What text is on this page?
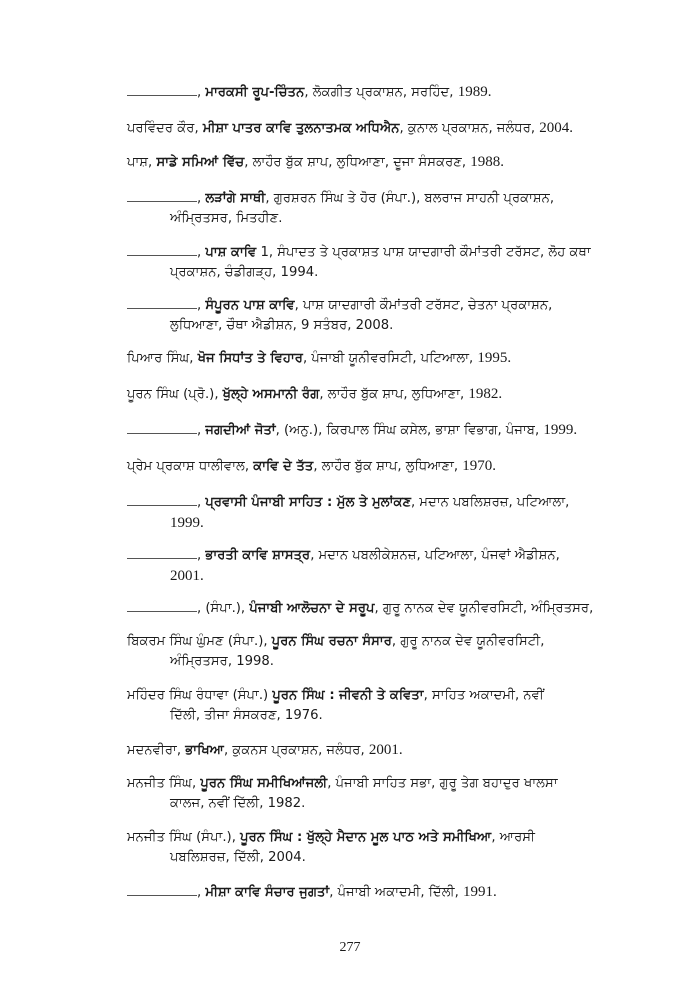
, ਮਾਰਕਸੀ ਰੂਪ-ਚਿੰਤਨ, ਲੋਕਗੀਤ ਪ੍ਰਕਾਸ਼ਨ, ਸਰਹਿੰਦ, 1989.
ਪਰਵਿੰਦਰ ਕੌਰ, ਮੀਸ਼ਾ ਪਾਤਰ ਕਾਵਿ ਤੁਲਨਾਤਮਕ ਅਧਿਐਨ, ਕੁਨਾਲ ਪ੍ਰਕਾਸ਼ਨ, ਜਲੰਧਰ, 2004.
ਪਾਸ਼, ਸਾਡੇ ਸਮਿਆਂ ਵਿੱਚ, ਲਾਹੌਰ ਬੁੱਕ ਸ਼ਾਪ, ਲੁਧਿਆਣਾ, ਦੂਜਾ ਸੰਸਕਰਣ, 1988.
, ਲੜਾਂਗੇ ਸਾਥੀ, ਗੁਰਸ਼ਰਨ ਸਿੰਘ ਤੇ ਹੋਰ (ਸੰਪਾ.), ਬਲਰਾਜ ਸਾਹਨੀ ਪ੍ਰਕਾਸ਼ਨ,
ਅੰਮ੍ਰਿਤਸਰ, ਮਿਤਹੀਣ.
, ਪਾਸ਼ ਕਾਵਿ 1, ਸੰਪਾਦਤ ਤੇ ਪ੍ਰਕਾਸ਼ਤ ਪਾਸ਼ ਯਾਦਗਾਰੀ ਕੌਮਾਂਤਰੀ ਟਰੱਸਟ, ਲੋਹ ਕਥਾ
ਪ੍ਰਕਾਸ਼ਨ, ਚੰਡੀਗੜ੍ਹ, 1994.
, ਸੰਪੂਰਨ ਪਾਸ਼ ਕਾਵਿ, ਪਾਸ਼ ਯਾਦਗਾਰੀ ਕੌਮਾਂਤਰੀ ਟਰੱਸਟ, ਚੇਤਨਾ ਪ੍ਰਕਾਸ਼ਨ,
ਲੁਧਿਆਣਾ, ਚੌਥਾ ਐਡੀਸ਼ਨ, 9 ਸਤੰਬਰ, 2008.
ਪਿਆਰ ਸਿੰਘ, ਖੋਜ ਸਿਧਾਂਤ ਤੇ ਵਿਹਾਰ, ਪੰਜਾਬੀ ਯੂਨੀਵਰਸਿਟੀ, ਪਟਿਆਲਾ, 1995.
ਪੂਰਨ ਸਿੰਘ (ਪ੍ਰੋ.), ਖੁੱਲ੍ਹੇ ਅਸਮਾਨੀ ਰੰਗ, ਲਾਹੌਰ ਬੁੱਕ ਸ਼ਾਪ, ਲੁਧਿਆਣਾ, 1982.
, ਜਗਦੀਆਂ ਜੋਤਾਂ, (ਅਨੁ.), ਕਿਰਪਾਲ ਸਿੰਘ ਕਸੇਲ, ਭਾਸ਼ਾ ਵਿਭਾਗ, ਪੰਜਾਬ, 1999.
ਪ੍ਰੇਮ ਪ੍ਰਕਾਸ਼ ਧਾਲੀਵਾਲ, ਕਾਵਿ ਦੇ ਤੱਤ, ਲਾਹੌਰ ਬੁੱਕ ਸ਼ਾਪ, ਲੁਧਿਆਣਾ, 1970.
, ਪ੍ਰਵਾਸੀ ਪੰਜਾਬੀ ਸਾਹਿਤ : ਮੁੱਲ ਤੇ ਮੁਲਾਂਕਣ, ਮਦਾਨ ਪਬਲਿਸ਼ਰਜ਼, ਪਟਿਆਲਾ,
1999.
, ਭਾਰਤੀ ਕਾਵਿ ਸ਼ਾਸਤ੍ਰ, ਮਦਾਨ ਪਬਲੀਕੇਸ਼ਨਜ਼, ਪਟਿਆਲਾ, ਪੰਜਵਾਂ ਐਡੀਸ਼ਨ,
2001.
, (ਸੰਪਾ.), ਪੰਜਾਬੀ ਆਲੋਚਨਾ ਦੇ ਸਰੂਪ, ਗੁਰੂ ਨਾਨਕ ਦੇਵ ਯੂਨੀਵਰਸਿਟੀ, ਅੰਮ੍ਰਿਤਸਰ,
ਬਿਕਰਮ ਸਿੰਘ ਘੁੰਮਣ (ਸੰਪਾ.), ਪੂਰਨ ਸਿੰਘ ਰਚਨਾ ਸੰਸਾਰ, ਗੁਰੂ ਨਾਨਕ ਦੇਵ ਯੂਨੀਵਰਸਿਟੀ,
ਅੰਮ੍ਰਿਤਸਰ, 1998.
ਮਹਿੰਦਰ ਸਿੰਘ ਰੰਧਾਵਾ (ਸੰਪਾ.) ਪੂਰਨ ਸਿੰਘ : ਜੀਵਨੀ ਤੇ ਕਵਿਤਾ, ਸਾਹਿਤ ਅਕਾਦਮੀ, ਨਵੀਂ
ਦਿੱਲੀ, ਤੀਜਾ ਸੰਸਕਰਣ, 1976.
ਮਦਨਵੀਰਾ, ਭਾਖਿਆ, ਕੁਕਨਸ ਪ੍ਰਕਾਸ਼ਨ, ਜਲੰਧਰ, 2001.
ਮਨਜੀਤ ਸਿੰਘ, ਪੂਰਨ ਸਿੰਘ ਸਮੀਖਿਆਂਜਲੀ, ਪੰਜਾਬੀ ਸਾਹਿਤ ਸਭਾ, ਗੁਰੂ ਤੇਗ ਬਹਾਦੁਰ ਖਾਲਸਾ
ਕਾਲਜ, ਨਵੀਂ ਦਿੱਲੀ, 1982.
ਮਨਜੀਤ ਸਿੰਘ (ਸੰਪਾ.), ਪੂਰਨ ਸਿੰਘ : ਖੁੱਲ੍ਹੇ ਮੈਦਾਨ ਮੂਲ ਪਾਠ ਅਤੇ ਸਮੀਖਿਆ, ਆਰਸੀ
ਪਬਲਿਸ਼ਰਜ਼, ਦਿੱਲੀ, 2004.
, ਮੀਸ਼ਾ ਕਾਵਿ ਸੰਚਾਰ ਜੁਗਤਾਂ, ਪੰਜਾਬੀ ਅਕਾਦਮੀ, ਦਿੱਲੀ, 1991.
277
